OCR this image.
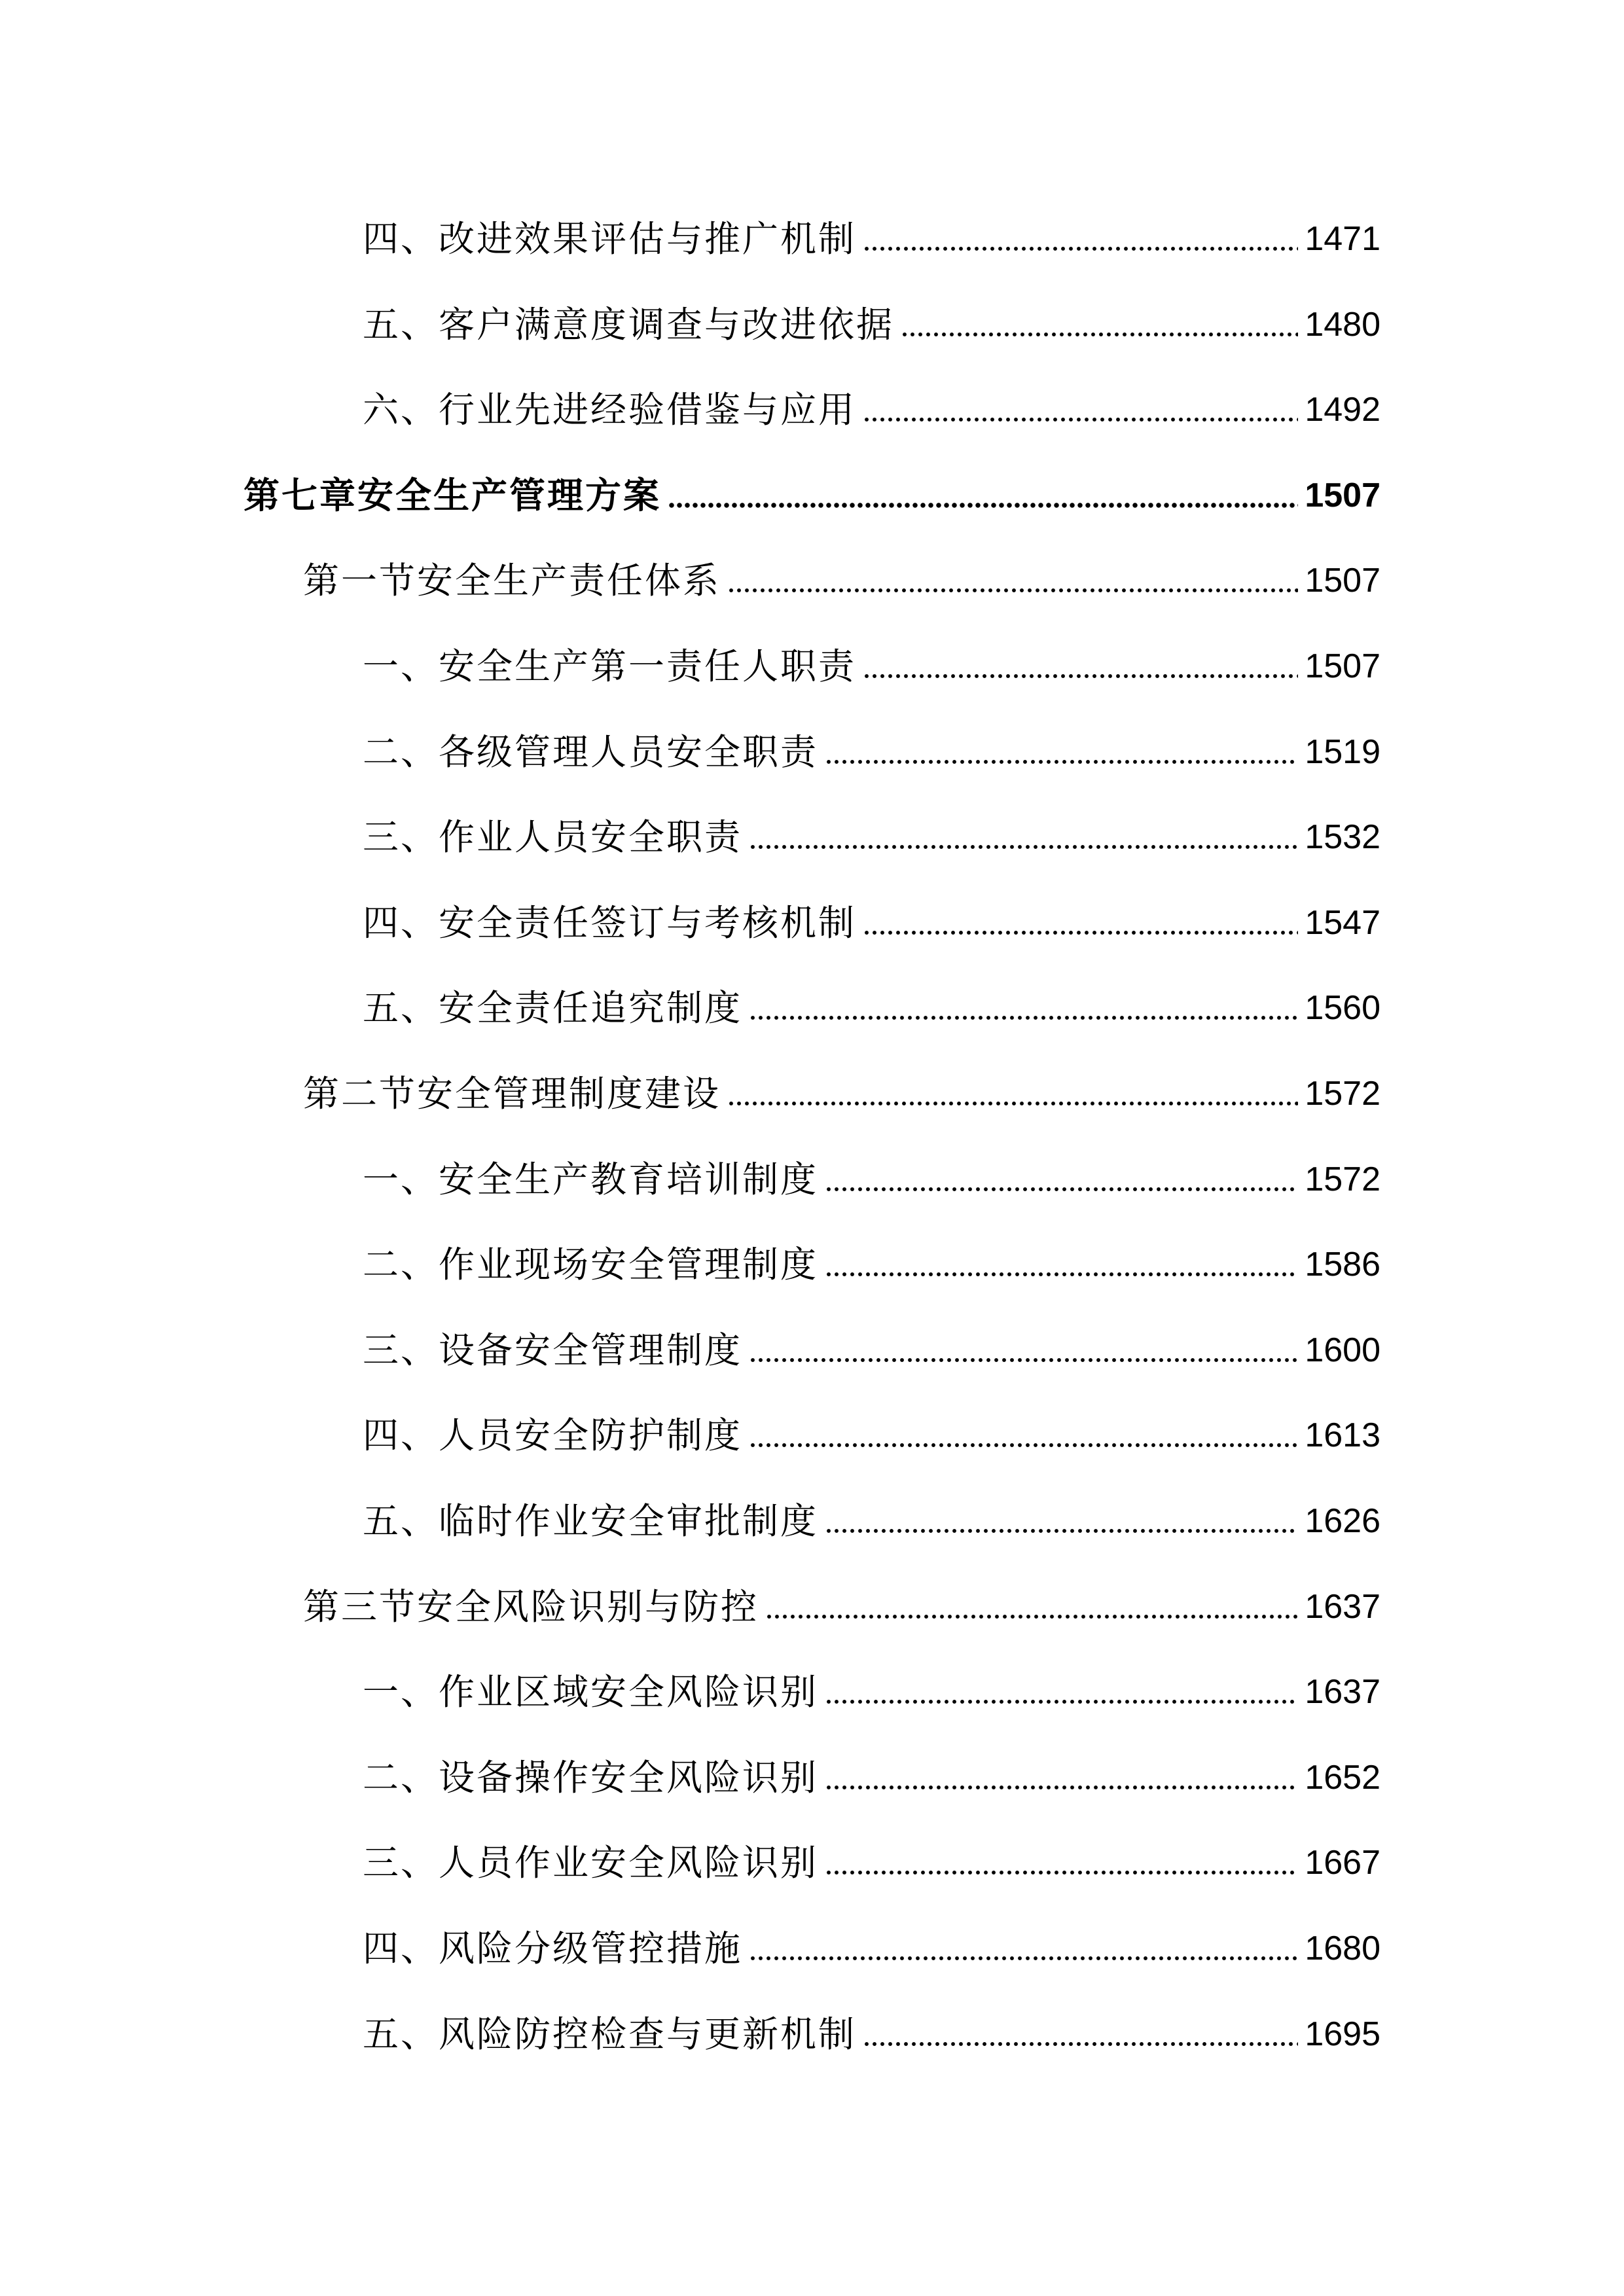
四、改进效果评估与推广机制	1471
五、客户满意度调查与改进依据	1480
六、行业先进经验借鉴与应用	1492
第七章安全生产管理方案	1507
第一节安全生产责任体系	1507
一、安全生产第一责任人职责	1507
二、各级管理人员安全职责	1519
三、作业人员安全职责	1532
四、安全责任签订与考核机制	1547
五、安全责任追究制度	1560
第二节安全管理制度建设	1572
一、安全生产教育培训制度	1572
二、作业现场安全管理制度	1586
三、设备安全管理制度	1600
四、人员安全防护制度	1613
五、临时作业安全审批制度	1626
第三节安全风险识别与防控	1637
一、作业区域安全风险识别	1637
二、设备操作安全风险识别	1652
三、人员作业安全风险识别	1667
四、风险分级管控措施	1680
五、风险防控检查与更新机制	1695
